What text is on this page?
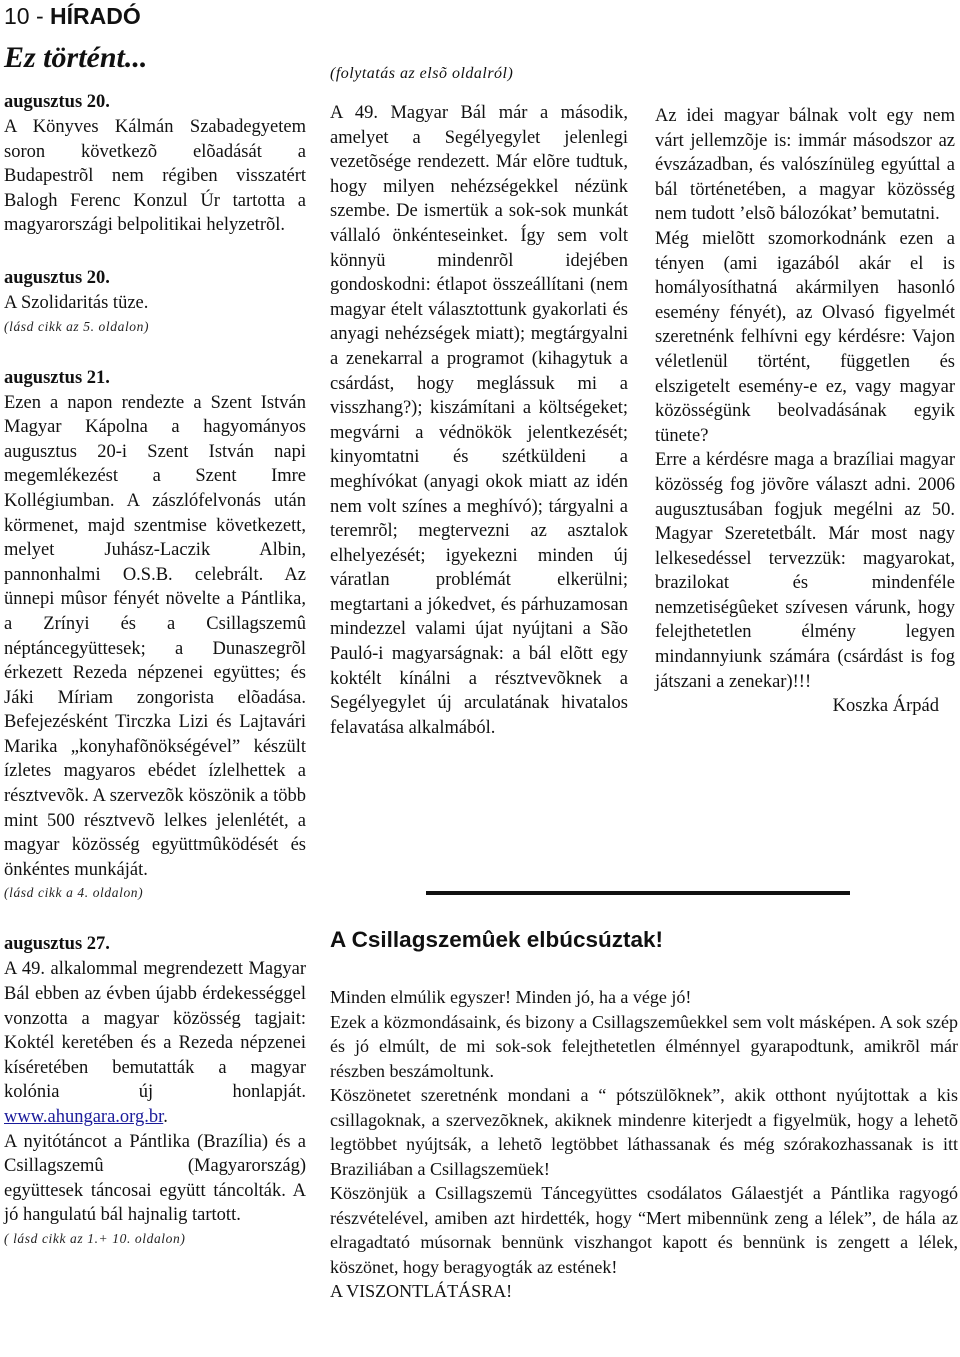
10 - HÍRADÓ
Ez történt...
augusztus 20.

A Könyves Kálmán Szabadegyetem soron következõ elõadását a Budapestrõl nem régiben visszatért Balogh Ferenc Konzul Úr tartotta a magyarországi belpolitikai helyzetrõl.

augusztus 20.

A Szolidaritás tüze.

(lásd cikk az 5. oldalon)
augusztus 21.

Ezen a napon rendezte a Szent István Magyar Kápolna a hagyományos augusztus 20-i Szent István napi megemlékezést a Szent Imre Kollégiumban. A zászlófelvonás után körmenet, majd szentmise következett, melyet Juhász-Laczik Albin, pannonhalmi O.S.B. celebrált. Az ünnepi mûsor fényét növelte a Pántlika, a Zrínyi és a Csillagszemû néptáncegyüttesek; a Dunaszegrõl érkezett Rezeda népzenei együttes; és Jáki Míriam zongorista elõadása. Befejezésként Tirczka Lizi és Lajtavári Marika „konyhafõnökségével” készült ízletes magyaros ebédet ízlelhettek a résztvevõk. A szervezõk köszönik a több mint 500 résztvevõ lelkes jelenlétét, a magyar közösség együttmûködését és önkéntes munkáját.

(lásd cikk a 4. oldalon)
augusztus 27.

A 49. alkalommal megrendezett Magyar Bál ebben az évben újabb érdekességgel vonzotta a magyar közösség tagjait: Koktél keretében és a Rezeda népzenei kíséretében bemutatták a magyar kolónia új honlapját. www.ahungara.org.br.

A nyitótáncot a Pántlika (Brazília) és a Csillagszemû (Magyarország) együttesek táncosai együtt táncolták. A jó hangulatú bál hajnalig tartott.

( lásd cikk az 1.+ 10. oldalon)
(folytatás az elsõ oldalról)

A 49. Magyar Bál már a második, amelyet a Segélyegylet jelenlegi vezetõsége rendezett. Már elõre tudtuk, hogy milyen nehézségekkel nézünk szembe. De ismertük a sok-sok munkát vállaló önkénteseinket. Így sem volt könnyü mindenrõl idejében gondoskodni: étlapot összeállítani (nem magyar ételt választottunk gyakorlati és anyagi nehézségek miatt); megtárgyalni a zenekarral a programot (kihagytuk a csárdást, hogy meglássuk mi a visszhang?); kiszámítani a költségeket; megvárni a védnökök jelentkezését; kinyomtatni és szétküldeni a meghívókat (anyagi okok miatt az idén nem volt színes a meghívó); tárgyalni a teremrõl; megtervezni az asztalok elhelyezését; igyekezni minden új váratlan problémát elkerülni; megtartani a jókedvet, és párhuzamosan mindezzel valami újat nyújtani a São Pauló-i magyarságnak: a bál elõtt egy koktélt kínálni a résztvevõknek a Segélyegylet új arculatának hivatalos felavatása alkalmából.

Az idei magyar bálnak volt egy nem várt jellemzõje is: immár másodszor az évszázadban, és valószínüleg egyúttal a bál történetében, a magyar közösség nem tudott ’elsõ bálozókat’ bemutatni.

Még mielõtt szomorkodnánk ezen a tényen (ami igazából akár el is homályosíthatná akármilyen hasonló esemény fényét), az Olvasó figyelmét szeretnénk felhívni egy kérdésre: Vajon véletlenül történt, független és elszigetelt esemény-e ez, vagy magyar közösségünk beolvadásának egyik tünete?

Erre a kérdésre maga a brazíliai magyar közösség fog jövõre választ adni. 2006 augusztusában fogjuk megélni az 50. Magyar Szeretetbált. Már most nagy lelkesedéssel tervezzük: magyarokat, brazilokat és mindenféle nemzetiségûeket szívesen várunk, hogy felejthetetlen élmény legyen mindannyiunk számára (csárdást is fog játszani a zenekar)!!!

Koszka Árpád
A Csillagszemûek elbúcsúztak!

Minden elmúlik egyszer! Minden jó, ha a vége jó!

Ezek a közmondásaink, és bizony a Csillagszemûekkel sem volt másképen. A sok szép és jó elmúlt, de mi sok-sok felejthetetlen élménnyel gyarapodtunk, amikrõl már részben beszámoltunk.

Köszönetet szeretnénk mondani a “ pótszülõknek”, akik otthont nyújtottak a kis csillagoknak, a szervezõknek, akiknek mindenre kiterjedt a figyelmük, hogy a lehetõ legtöbbet nyújtsák, a lehetõ legtöbbet láthassanak és még szórakozhassanak is itt Braziliában a Csillagszemüek!

Köszönjük a Csillagszemü Táncegyüttes csodálatos Gálaestjét a Pántlika ragyogó részvételével, amiben azt hirdették, hogy “Mert mibennünk zeng a lélek”, de hála az elragadtató músornak bennünk viszhangot kapott és bennünk is zengett a lélek, köszönet, hogy beragyogták az estének!

A VISZONTLÁTÁSRA!
